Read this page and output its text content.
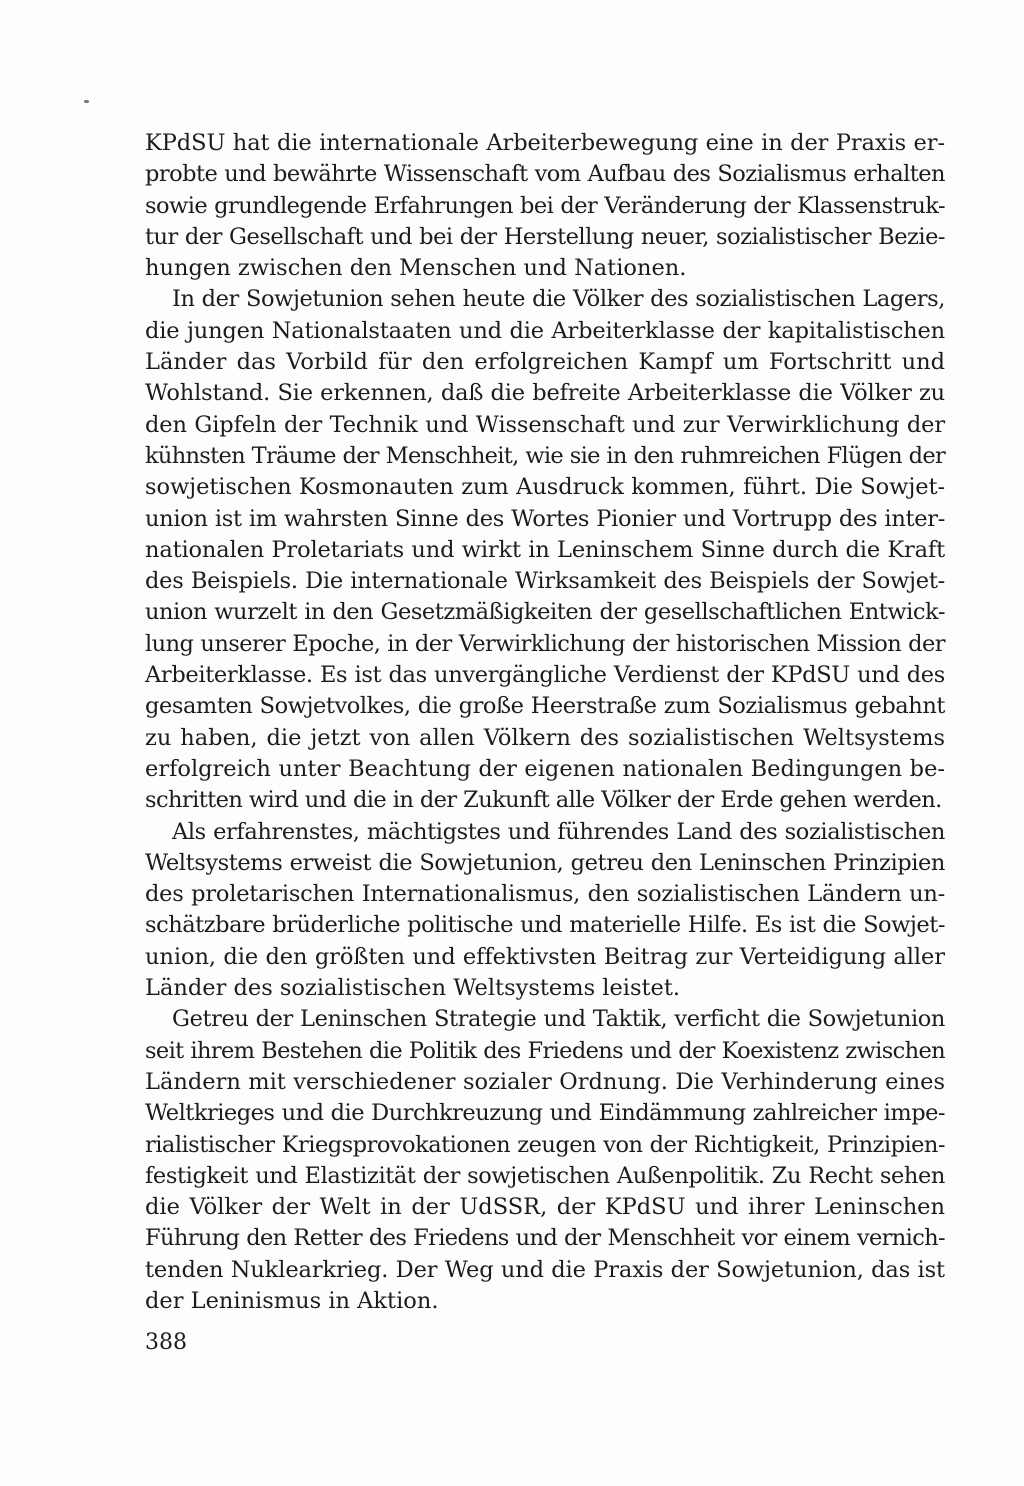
KPdSU hat die internationale Arbeiterbewegung eine in der Praxis er-
probte und bewährte Wissenschaft vom Aufbau des Sozialismus erhalten
sowie grundlegende Erfahrungen bei der Veränderung der Klassenstruk-
tur der Gesellschaft und bei der Herstellung neuer, sozialistischer Bezie-
hungen zwischen den Menschen und Nationen.
In der Sowjetunion sehen heute die Völker des sozialistischen Lagers,
die jungen Nationalstaaten und die Arbeiterklasse der kapitalistischen
Länder das Vorbild für den erfolgreichen Kampf um Fortschritt und
Wohlstand. Sie erkennen, daß die befreite Arbeiterklasse die Völker zu
den Gipfeln der Technik und Wissenschaft und zur Verwirklichung der
kühnsten Träume der Menschheit, wie sie in den ruhmreichen Flügen der
sowjetischen Kosmonauten zum Ausdruck kommen, führt. Die Sowjet-
union ist im wahrsten Sinne des Wortes Pionier und Vortrupp des inter-
nationalen Proletariats und wirkt in Leninschem Sinne durch die Kraft
des Beispiels. Die internationale Wirksamkeit des Beispiels der Sowjet-
union wurzelt in den Gesetzmäßigkeiten der gesellschaftlichen Entwick-
lung unserer Epoche, in der Verwirklichung der historischen Mission der
Arbeiterklasse. Es ist das unvergängliche Verdienst der KPdSU und des
gesamten Sowjetvolkes, die große Heerstraße zum Sozialismus gebahnt
zu haben, die jetzt von allen Völkern des sozialistischen Weltsystems
erfolgreich unter Beachtung der eigenen nationalen Bedingungen be-
schritten wird und die in der Zukunft alle Völker der Erde gehen werden.
Als erfahrenstes, mächtigstes und führendes Land des sozialistischen
Weltsystems erweist die Sowjetunion, getreu den Leninschen Prinzipien
des proletarischen Internationalismus, den sozialistischen Ländern un-
schätzbare brüderliche politische und materielle Hilfe. Es ist die Sowjet-
union, die den größten und effektivsten Beitrag zur Verteidigung aller
Länder des sozialistischen Weltsystems leistet.
Getreu der Leninschen Strategie und Taktik, verficht die Sowjetunion
seit ihrem Bestehen die Politik des Friedens und der Koexistenz zwischen
Ländern mit verschiedener sozialer Ordnung. Die Verhinderung eines
Weltkrieges und die Durchkreuzung und Eindämmung zahlreicher impe-
rialistischer Kriegsprovokationen zeugen von der Richtigkeit, Prinzipien-
festigkeit und Elastizität der sowjetischen Außenpolitik. Zu Recht sehen
die Völker der Welt in der UdSSR, der KPdSU und ihrer Leninschen
Führung den Retter des Friedens und der Menschheit vor einem vernich-
tenden Nuklearkrieg. Der Weg und die Praxis der Sowjetunion, das ist
der Leninismus in Aktion.
388
